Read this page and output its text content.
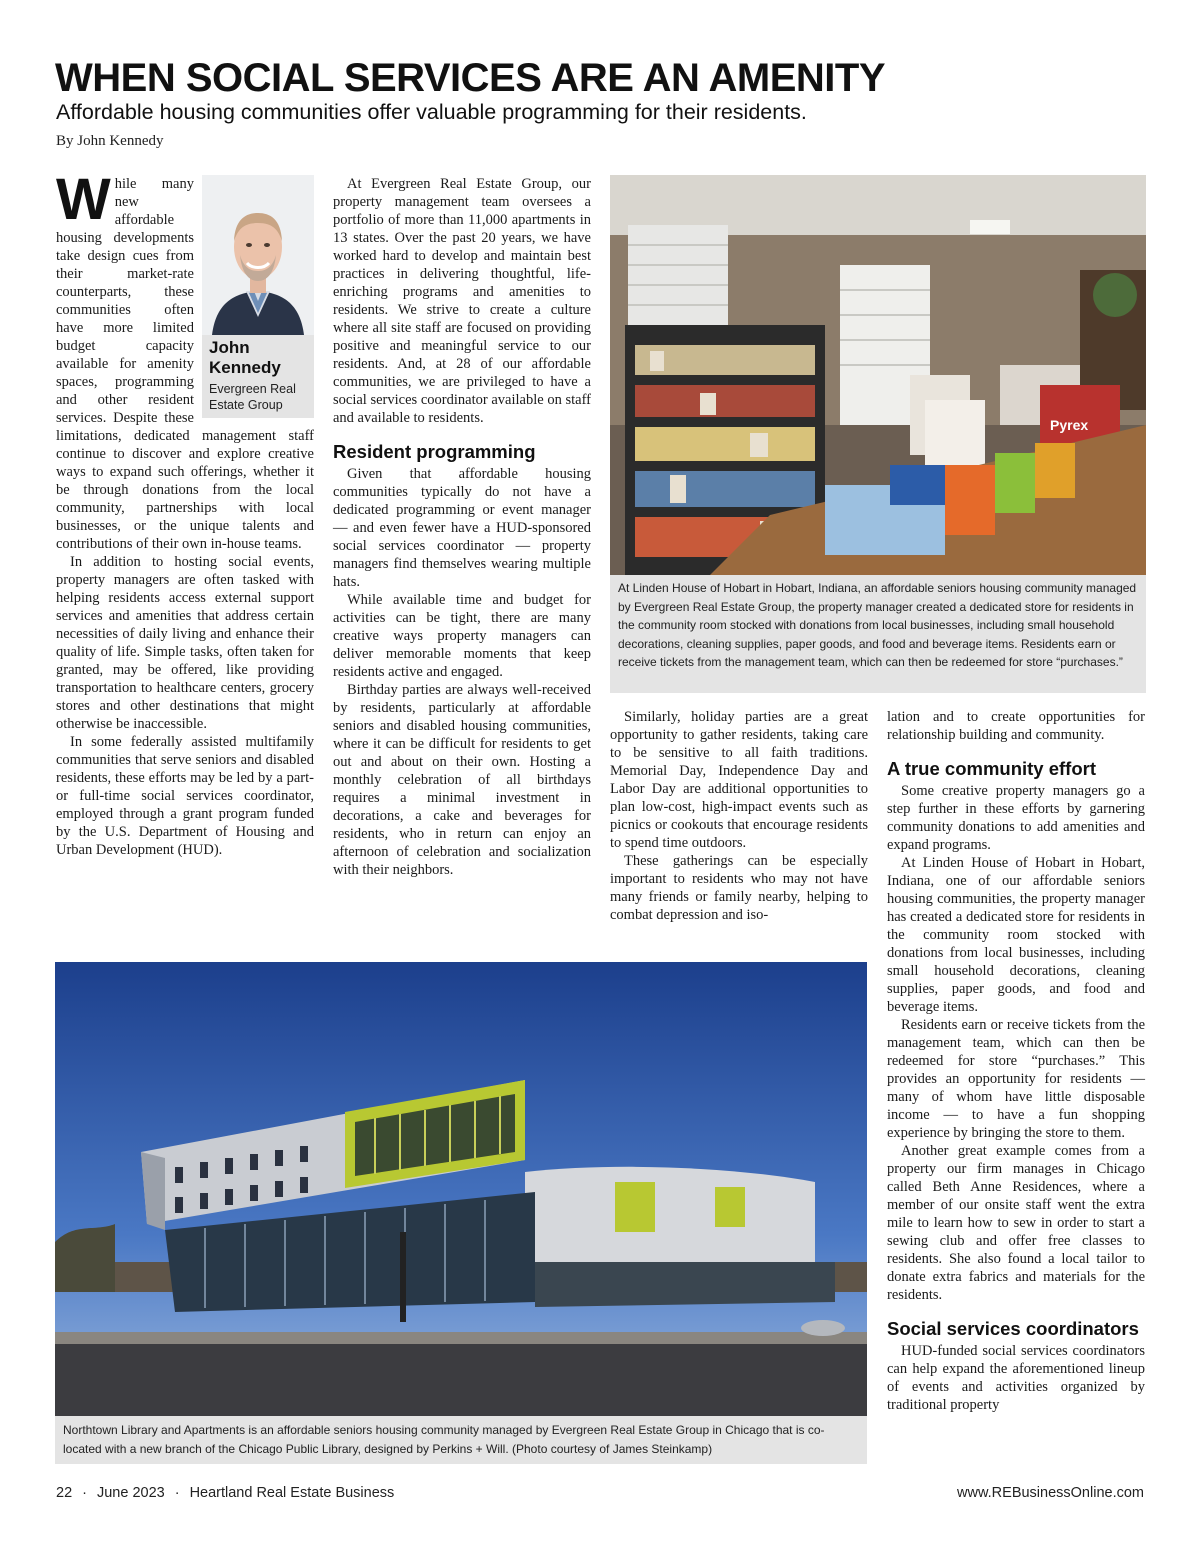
WHEN SOCIAL SERVICES ARE AN AMENITY

Affordable housing communities offer valuable programming for their residents.

By John Kennedy
W hile many new affordable housing developments take design cues from their market-rate counterparts, these communities often have more limited budget capacity available for amenity spaces, programming and other resident services. Despite these limitations, dedicated management staff continue to discover and explore creative ways to expand such offerings, whether it be through donations from the local community, partnerships with local businesses, or the unique talents and contributions of their own in-house teams.

In addition to hosting social events, property managers are often tasked with helping residents access external support services and amenities that address certain necessities of daily living and enhance their quality of life. Simple tasks, often taken for granted, may be offered, like providing transportation to healthcare centers, grocery stores and other destinations that might otherwise be inaccessible.

In some federally assisted multifamily communities that serve seniors and disabled residents, these efforts may be led by a part- or full-time social services coordinator, employed through a grant program funded by the U.S. Department of Housing and Urban Development (HUD).

John Kennedy
Evergreen Real Estate Group

At Evergreen Real Estate Group, our property management team oversees a portfolio of more than 11,000 apartments in 13 states. Over the past 20 years, we have worked hard to develop and maintain best practices in delivering thoughtful, life-enriching programs and amenities to residents. We strive to create a culture where all site staff are focused on providing positive and meaningful service to our residents. And, at 28 of our affordable communities, we are privileged to have a social services coordinator available on staff and available to residents.

Resident programming

Given that affordable housing communities typically do not have a dedicated programming or event manager — and even fewer have a HUD-sponsored social services coordinator — property managers find themselves wearing multiple hats.

While available time and budget for activities can be tight, there are many creative ways property managers can deliver memorable moments that keep residents active and engaged.

Birthday parties are always well-received by residents, particularly at affordable seniors and disabled housing communities, where it can be difficult for residents to get out and about on their own. Hosting a monthly celebration of all birthdays requires a minimal investment in decorations, a cake and beverages for residents, who in return can enjoy an afternoon of celebration and socialization with their neighbors.

Pyrex
At Linden House of Hobart in Hobart, Indiana, an affordable seniors housing community managed by Evergreen Real Estate Group, the property manager created a dedicated store for residents in the community room stocked with donations from local businesses, including small household decorations, cleaning supplies, paper goods, and food and beverage items. Residents earn or receive tickets from the management team, which can then be redeemed for store “purchases.”

Similarly, holiday parties are a great opportunity to gather residents, taking care to be sensitive to all faith traditions. Memorial Day, Independence Day and Labor Day are additional opportunities to plan low-cost, high-impact events such as picnics or cookouts that encourage residents to spend time outdoors.

These gatherings can be especially important to residents who may not have many friends or family nearby, helping to combat depression and iso-

lation and to create opportunities for relationship building and community.

A true community effort

Some creative property managers go a step further in these efforts by garnering community donations to add amenities and expand programs.

At Linden House of Hobart in Hobart, Indiana, one of our affordable seniors housing communities, the property manager has created a dedicated store for residents in the community room stocked with donations from local businesses, including small household decorations, cleaning supplies, paper goods, and food and beverage items.

Residents earn or receive tickets from the management team, which can then be redeemed for store “purchases.” This provides an opportunity for residents — many of whom have little disposable income — to have a fun shopping experience by bringing the store to them.

Another great example comes from a property our firm manages in Chicago called Beth Anne Residences, where a member of our onsite staff went the extra mile to learn how to sew in order to start a sewing club and offer free classes to residents. She also found a local tailor to donate extra fabrics and materials for the residents.

Social services coordinators

HUD-funded social services coordinators can help expand the aforementioned lineup of events and activities organized by traditional property

Northtown Library and Apartments is an affordable seniors housing community managed by Evergreen Real Estate Group in Chicago that is co-located with a new branch of the Chicago Public Library, designed by Perkins + Will. (Photo courtesy of James Steinkamp)
22 · June 2023 · Heartland Real Estate Business	www.REBusinessOnline.com
